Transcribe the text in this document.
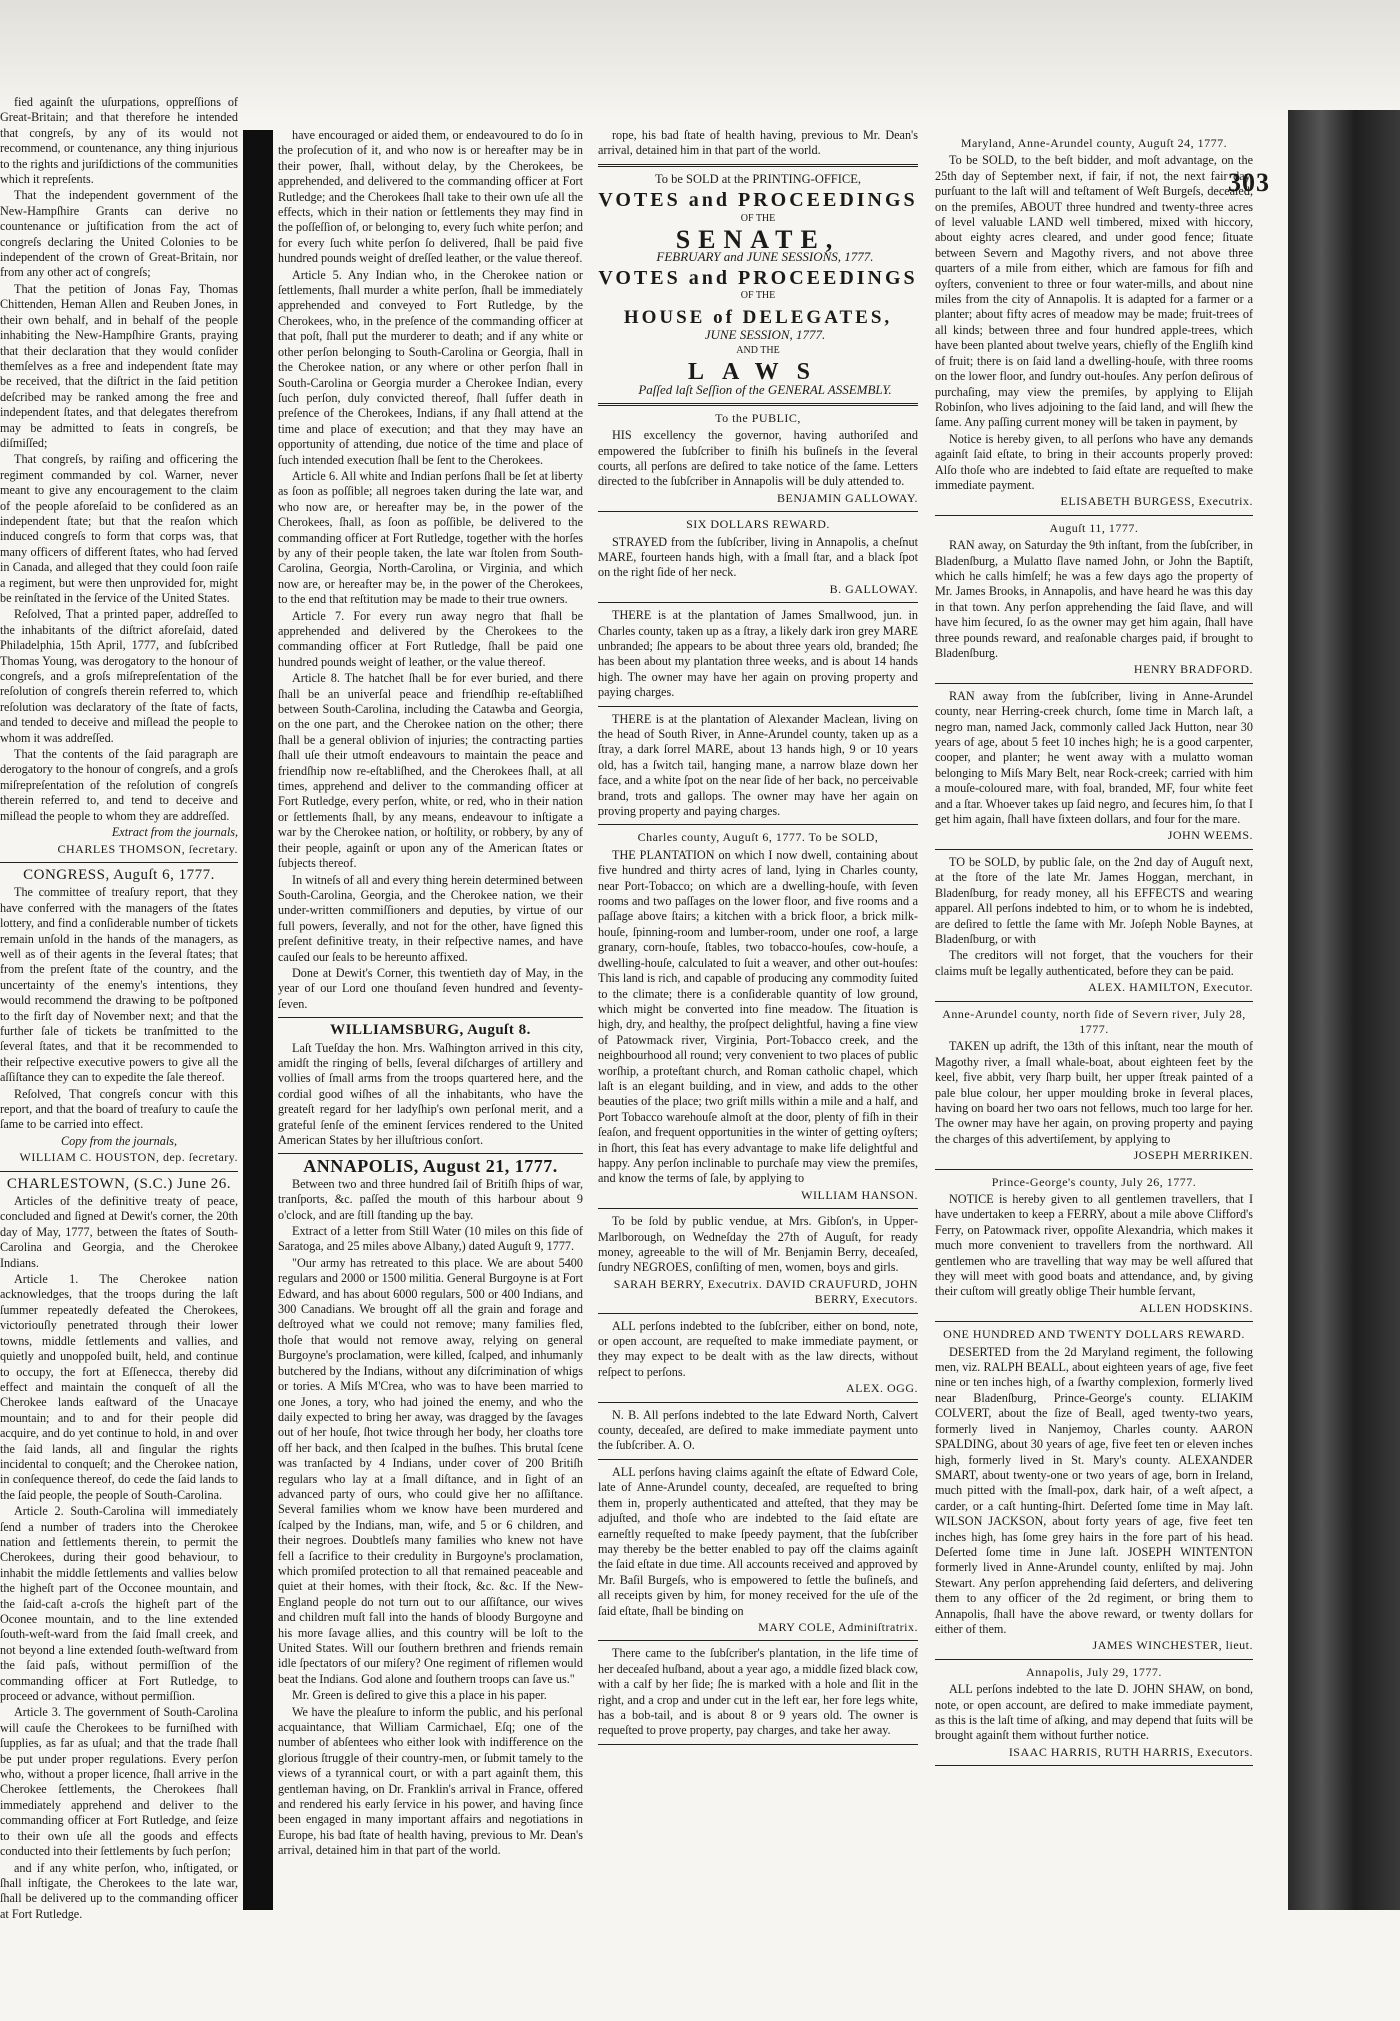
303

fied againſt the uſurpations, oppreſſions of Great-Britain; and that therefore he intended that congreſs, by any of its would not recommend, or countenance, any thing injurious to the rights and juriſdictions of the communities which it repreſents.

That the independent government of the New-Hampſhire Grants can derive no countenance or juſtification from the act of congreſs declaring the United Colonies to be independent of the crown of Great-Britain, nor from any other act of congreſs;

That the petition of Jonas Fay, Thomas Chittenden, Heman Allen and Reuben Jones, in their own behalf, and in behalf of the people inhabiting the New-Hampſhire Grants, praying that their declaration that they would conſider themſelves as a free and independent ſtate may be received, that the diſtrict in the ſaid petition deſcribed may be ranked among the free and independent ſtates, and that delegates therefrom may be admitted to ſeats in congreſs, be diſmiſſed;

That congreſs, by raiſing and officering the regiment commanded by col. Warner, never meant to give any encouragement to the claim of the people aforeſaid to be conſidered as an independent ſtate; but that the reaſon which induced congreſs to form that corps was, that many officers of different ſtates, who had ſerved in Canada, and alleged that they could ſoon raiſe a regiment, but were then unprovided for, might be reinſtated in the ſervice of the United States.

Reſolved, That a printed paper, addreſſed to the inhabitants of the diſtrict aforeſaid, dated Philadelphia, 15th April, 1777, and ſubſcribed Thomas Young, was derogatory to the honour of congreſs, and a groſs miſrepreſentation of the reſolution of congreſs therein referred to, which reſolution was declaratory of the ſtate of facts, and tended to deceive and miſlead the people to whom it was addreſſed.

That the contents of the ſaid paragraph are derogatory to the honour of congreſs, and a groſs miſrepreſentation of the reſolution of congreſs therein referred to, and tend to deceive and miſlead the people to whom they are addreſſed.

Extract from the journals,

CHARLES THOMSON, ſecretary.

CONGRESS, Auguſt 6, 1777.

The committee of treaſury report, that they have conferred with the managers of the ſtates lottery, and find a conſiderable number of tickets remain unſold in the hands of the managers, as well as of their agents in the ſeveral ſtates; that from the preſent ſtate of the country, and the uncertainty of the enemy's intentions, they would recommend the drawing to be poſtponed to the firſt day of November next; and that the further ſale of tickets be tranſmitted to the ſeveral ſtates, and that it be recommended to their reſpective executive powers to give all the aſſiſtance they can to expedite the ſale thereof.

Reſolved, That congreſs concur with this report, and that the board of treaſury to cauſe the ſame to be carried into effect.

Copy from the journals,

WILLIAM C. HOUSTON, dep. ſecretary.

CHARLESTOWN, (S.C.) June 26.

Articles of the definitive treaty of peace, concluded and ſigned at Dewit's corner, the 20th day of May, 1777, between the ſtates of South-Carolina and Georgia, and the Cherokee Indians.

Article 1. The Cherokee nation acknowledges, that the troops during the laſt ſummer repeatedly defeated the Cherokees, victoriouſly penetrated through their lower towns, middle ſettlements and vallies, and quietly and unoppoſed built, held, and continue to occupy, the fort at Eſſenecca, thereby did effect and maintain the conqueſt of all the Cherokee lands eaſtward of the Unacaye mountain; and to and for their people did acquire, and do yet continue to hold, in and over the ſaid lands, all and ſingular the rights incidental to conqueſt; and the Cherokee nation, in conſequence thereof, do cede the ſaid lands to the ſaid people, the people of South-Carolina.

Article 2. South-Carolina will immediately ſend a number of traders into the Cherokee nation and ſettlements therein, to permit the Cherokees, during their good behaviour, to inhabit the middle ſettlements and vallies below the higheſt part of the Occonee mountain, and the ſaid-caſt a-croſs the higheſt part of the Oconee mountain, and to the line extended ſouth-weſt-ward from the ſaid ſmall creek, and not beyond a line extended ſouth-weſtward from the ſaid paſs, without permiſſion of the commanding officer at Fort Rutledge, to proceed or advance, without permiſſion.

Article 3. The government of South-Carolina will cauſe the Cherokees to be furniſhed with ſupplies, as far as uſual; and that the trade ſhall be put under proper regulations. Every perſon who, without a proper licence, ſhall arrive in the Cherokee ſettlements, the Cherokees ſhall immediately apprehend and deliver to the commanding officer at Fort Rutledge, and ſeize to their own uſe all the goods and effects conducted into their ſettlements by ſuch perſon;

and if any white perſon, who, inſtigated, or ſhall inſtigate, the Cherokees to the late war, ſhall be delivered up to the commanding officer at Fort Rutledge.

have encouraged or aided them, or endeavoured to do ſo in the proſecution of it, and who now is or hereafter may be in their power, ſhall, without delay, by the Cherokees, be apprehended, and delivered to the commanding officer at Fort Rutledge; and the Cherokees ſhall take to their own uſe all the effects, which in their nation or ſettlements they may find in the poſſeſſion of, or belonging to, every ſuch white perſon; and for every ſuch white perſon ſo delivered, ſhall be paid five hundred pounds weight of dreſſed leather, or the value thereof.

Article 5. Any Indian who, in the Cherokee nation or ſettlements, ſhall murder a white perſon, ſhall be immediately apprehended and conveyed to Fort Rutledge, by the Cherokees, who, in the preſence of the commanding officer at that poſt, ſhall put the murderer to death; and if any white or other perſon belonging to South-Carolina or Georgia, ſhall in the Cherokee nation, or any where or other perſon ſhall in South-Carolina or Georgia murder a Cherokee Indian, every ſuch perſon, duly convicted thereof, ſhall ſuffer death in preſence of the Cherokees, Indians, if any ſhall attend at the time and place of execution; and that they may have an opportunity of attending, due notice of the time and place of ſuch intended execution ſhall be ſent to the Cherokees.

Article 6. All white and Indian perſons ſhall be ſet at liberty as ſoon as poſſible; all negroes taken during the late war, and who now are, or hereafter may be, in the power of the Cherokees, ſhall, as ſoon as poſſible, be delivered to the commanding officer at Fort Rutledge, together with the horſes by any of their people taken, the late war ſtolen from South-Carolina, Georgia, North-Carolina, or Virginia, and which now are, or hereafter may be, in the power of the Cherokees, to the end that reſtitution may be made to their true owners.

Article 7. For every run away negro that ſhall be apprehended and delivered by the Cherokees to the commanding officer at Fort Rutledge, ſhall be paid one hundred pounds weight of leather, or the value thereof.

Article 8. The hatchet ſhall be for ever buried, and there ſhall be an univerſal peace and friendſhip re-eſtabliſhed between South-Carolina, including the Catawba and Georgia, on the one part, and the Cherokee nation on the other; there ſhall be a general oblivion of injuries; the contracting parties ſhall uſe their utmoſt endeavours to maintain the peace and friendſhip now re-eſtabliſhed, and the Cherokees ſhall, at all times, apprehend and deliver to the commanding officer at Fort Rutledge, every perſon, white, or red, who in their nation or ſettlements ſhall, by any means, endeavour to inſtigate a war by the Cherokee nation, or hoſtility, or robbery, by any of their people, againſt or upon any of the American ſtates or ſubjects thereof.

In witneſs of all and every thing herein determined between South-Carolina, Georgia, and the Cherokee nation, we their under-written commiſſioners and deputies, by virtue of our full powers, ſeverally, and not for the other, have ſigned this preſent definitive treaty, in their reſpective names, and have cauſed our ſeals to be hereunto affixed.

Done at Dewit's Corner, this twentieth day of May, in the year of our Lord one thouſand ſeven hundred and ſeventy-ſeven.

WILLIAMSBURG, Auguſt 8.

Laſt Tueſday the hon. Mrs. Waſhington arrived in this city, amidſt the ringing of bells, ſeveral diſcharges of artillery and vollies of ſmall arms from the troops quartered here, and the cordial good wiſhes of all the inhabitants, who have the greateſt regard for her ladyſhip's own perſonal merit, and a grateful ſenſe of the eminent ſervices rendered to the United American States by her illuſtrious conſort.

ANNAPOLIS, August 21, 1777.

Between two and three hundred ſail of Britiſh ſhips of war, tranſports, &c. paſſed the mouth of this harbour about 9 o'clock, and are ſtill ſtanding up the bay.

Extract of a letter from Still Water (10 miles on this ſide of Saratoga, and 25 miles above Albany,) dated Auguſt 9, 1777.

"Our army has retreated to this place. We are about 5400 regulars and 2000 or 1500 militia. General Burgoyne is at Fort Edward, and has about 6000 regulars, 500 or 400 Indians, and 300 Canadians. We brought off all the grain and forage and deſtroyed what we could not remove; many families fled, thoſe that would not remove away, relying on general Burgoyne's proclamation, were killed, ſcalped, and inhumanly butchered by the Indians, without any diſcrimination of whigs or tories. A Miſs M'Crea, who was to have been married to one Jones, a tory, who had joined the enemy, and who the daily expected to bring her away, was dragged by the ſavages out of her houſe, ſhot twice through her body, her cloaths tore off her back, and then ſcalped in the buſhes. This brutal ſcene was tranſacted by 4 Indians, under cover of 200 Britiſh regulars who lay at a ſmall diſtance, and in ſight of an advanced party of ours, who could give her no aſſiſtance. Several families whom we know have been murdered and ſcalped by the Indians, man, wife, and 5 or 6 children, and their negroes. Doubtleſs many families who knew not have fell a ſacrifice to their credulity in Burgoyne's proclamation, which promiſed protection to all that remained peaceable and quiet at their homes, with their ſtock, &c. &c. If the New-England people do not turn out to our aſſiſtance, our wives and children muſt fall into the hands of bloody Burgoyne and his more ſavage allies, and this country will be loſt to the United States. Will our ſouthern brethren and friends remain idle ſpectators of our miſery? One regiment of riflemen would beat the Indians. God alone and ſouthern troops can ſave us."

Mr. Green is deſired to give this a place in his paper.

We have the pleaſure to inform the public, and his perſonal acquaintance, that William Carmichael, Eſq; one of the number of abſentees who either look with indifference on the glorious ſtruggle of their country-men, or ſubmit tamely to the views of a tyrannical court, or with a part againſt them, this gentleman having, on Dr. Franklin's arrival in France, offered and rendered his early ſervice in his power, and having ſince been engaged in many important affairs and negotiations in Europe, his bad ſtate of health having, previous to Mr. Dean's arrival, detained him in that part of the world.

rope, his bad ſtate of health having, previous to Mr. Dean's arrival, detained him in that part of the world.

To be SOLD at the PRINTING-OFFICE,

VOTES and PROCEEDINGS

OF THE

SENATE,

FEBRUARY and JUNE SESSIONS, 1777.

VOTES and PROCEEDINGS

OF THE

HOUSE of DELEGATES,

JUNE SESSION, 1777.

AND THE

LAWS

Paſſed laſt Seſſion of the GENERAL ASSEMBLY.

To the PUBLIC,

HIS excellency the governor, having authoriſed and empowered the ſubſcriber to finiſh his buſineſs in the ſeveral courts, all perſons are deſired to take notice of the ſame. Letters directed to the ſubſcriber in Annapolis will be duly attended to.

BENJAMIN GALLOWAY.

SIX DOLLARS REWARD.

STRAYED from the ſubſcriber, living in Annapolis, a cheſnut MARE, fourteen hands high, with a ſmall ſtar, and a black ſpot on the right ſide of her neck.

B. GALLOWAY.

THERE is at the plantation of James Smallwood, jun. in Charles county, taken up as a ſtray, a likely dark iron grey MARE unbranded; ſhe appears to be about three years old, branded; ſhe has been about my plantation three weeks, and is about 14 hands high. The owner may have her again on proving property and paying charges.

THERE is at the plantation of Alexander Maclean, living on the head of South River, in Anne-Arundel county, taken up as a ſtray, a dark ſorrel MARE, about 13 hands high, 9 or 10 years old, has a ſwitch tail, hanging mane, a narrow blaze down her face, and a white ſpot on the near ſide of her back, no perceivable brand, trots and gallops. The owner may have her again on proving property and paying charges.

Charles county, Auguſt 6, 1777. To be SOLD,

THE PLANTATION on which I now dwell, containing about five hundred and thirty acres of land, lying in Charles county, near Port-Tobacco; on which are a dwelling-houſe, with ſeven rooms and two paſſages on the lower floor, and five rooms and a paſſage above ſtairs; a kitchen with a brick floor, a brick milk-houſe, ſpinning-room and lumber-room, under one roof, a large granary, corn-houſe, ſtables, two tobacco-houſes, cow-houſe, a dwelling-houſe, calculated to ſuit a weaver, and other out-houſes: This land is rich, and capable of producing any commodity ſuited to the climate; there is a conſiderable quantity of low ground, which might be converted into fine meadow. The ſituation is high, dry, and healthy, the proſpect delightful, having a fine view of Patowmack river, Virginia, Port-Tobacco creek, and the neighbourhood all round; very convenient to two places of public worſhip, a proteſtant church, and Roman catholic chapel, which laſt is an elegant building, and in view, and adds to the other beauties of the place; two griſt mills within a mile and a half, and Port Tobacco warehouſe almoſt at the door, plenty of fiſh in their ſeaſon, and frequent opportunities in the winter of getting oyſters; in ſhort, this ſeat has every advantage to make life delightful and happy. Any perſon inclinable to purchaſe may view the premiſes, and know the terms of ſale, by applying to

WILLIAM HANSON.

To be ſold by public vendue, at Mrs. Gibſon's, in Upper-Marlborough, on Wedneſday the 27th of Auguſt, for ready money, agreeable to the will of Mr. Benjamin Berry, deceaſed, ſundry NEGROES, conſiſting of men, women, boys and girls.

SARAH BERRY, Executrix. DAVID CRAUFURD, JOHN BERRY, Executors.

ALL perſons indebted to the ſubſcriber, either on bond, note, or open account, are requeſted to make immediate payment, or they may expect to be dealt with as the law directs, without reſpect to perſons.

ALEX. OGG.

N. B. All perſons indebted to the late Edward North, Calvert county, deceaſed, are deſired to make immediate payment unto the ſubſcriber. A. O.

ALL perſons having claims againſt the eſtate of Edward Cole, late of Anne-Arundel county, deceaſed, are requeſted to bring them in, properly authenticated and atteſted, that they may be adjuſted, and thoſe who are indebted to the ſaid eſtate are earneſtly requeſted to make ſpeedy payment, that the ſubſcriber may thereby be the better enabled to pay off the claims againſt the ſaid eſtate in due time. All accounts received and approved by Mr. Baſil Burgeſs, who is empowered to ſettle the buſineſs, and all receipts given by him, for money received for the uſe of the ſaid eſtate, ſhall be binding on

MARY COLE, Adminiſtratrix.

There came to the ſubſcriber's plantation, in the life time of her deceaſed huſband, about a year ago, a middle ſized black cow, with a calf by her ſide; ſhe is marked with a hole and ſlit in the right, and a crop and under cut in the left ear, her fore legs white, has a bob-tail, and is about 8 or 9 years old. The owner is requeſted to prove property, pay charges, and take her away.

Maryland, Anne-Arundel county, Auguſt 24, 1777.

To be SOLD, to the beſt bidder, and moſt advantage, on the 25th day of September next, if fair, if not, the next fair day, purſuant to the laſt will and teſtament of Weſt Burgeſs, deceaſed, on the premiſes, ABOUT three hundred and twenty-three acres of level valuable LAND well timbered, mixed with hiccory, about eighty acres cleared, and under good fence; ſituate between Severn and Magothy rivers, and not above three quarters of a mile from either, which are famous for fiſh and oyſters, convenient to three or four water-mills, and about nine miles from the city of Annapolis. It is adapted for a farmer or a planter; about fifty acres of meadow may be made; fruit-trees of all kinds; between three and four hundred apple-trees, which have been planted about twelve years, chiefly of the Engliſh kind of fruit; there is on ſaid land a dwelling-houſe, with three rooms on the lower floor, and ſundry out-houſes. Any perſon deſirous of purchaſing, may view the premiſes, by applying to Elijah Robinſon, who lives adjoining to the ſaid land, and will ſhew the ſame. Any paſſing current money will be taken in payment, by

Notice is hereby given, to all perſons who have any demands againſt ſaid eſtate, to bring in their accounts properly proved: Alſo thoſe who are indebted to ſaid eſtate are requeſted to make immediate payment.

ELISABETH BURGESS, Executrix.

Auguſt 11, 1777.

RAN away, on Saturday the 9th inſtant, from the ſubſcriber, in Bladenſburg, a Mulatto ſlave named John, or John the Baptiſt, which he calls himſelf; he was a few days ago the property of Mr. James Brooks, in Annapolis, and have heard he was this day in that town. Any perſon apprehending the ſaid ſlave, and will have him ſecured, ſo as the owner may get him again, ſhall have three pounds reward, and reaſonable charges paid, if brought to Bladenſburg.

HENRY BRADFORD.

RAN away from the ſubſcriber, living in Anne-Arundel county, near Herring-creek church, ſome time in March laſt, a negro man, named Jack, commonly called Jack Hutton, near 30 years of age, about 5 feet 10 inches high; he is a good carpenter, cooper, and planter; he went away with a mulatto woman belonging to Miſs Mary Belt, near Rock-creek; carried with him a mouſe-coloured mare, with foal, branded, MF, four white feet and a ſtar. Whoever takes up ſaid negro, and ſecures him, ſo that I get him again, ſhall have ſixteen dollars, and four for the mare.

JOHN WEEMS.

TO be SOLD, by public ſale, on the 2nd day of Auguſt next, at the ſtore of the late Mr. James Hoggan, merchant, in Bladenſburg, for ready money, all his EFFECTS and wearing apparel. All perſons indebted to him, or to whom he is indebted, are deſired to ſettle the ſame with Mr. Joſeph Noble Baynes, at Bladenſburg, or with

The creditors will not forget, that the vouchers for their claims muſt be legally authenticated, before they can be paid.

ALEX. HAMILTON, Executor.

Anne-Arundel county, north ſide of Severn river, July 28, 1777.

TAKEN up adrift, the 13th of this inſtant, near the mouth of Magothy river, a ſmall whale-boat, about eighteen feet by the keel, five abbit, very ſharp built, her upper ſtreak painted of a pale blue colour, her upper moulding broke in ſeveral places, having on board her two oars not fellows, much too large for her. The owner may have her again, on proving property and paying the charges of this advertiſement, by applying to

JOSEPH MERRIKEN.

Prince-George's county, July 26, 1777.

NOTICE is hereby given to all gentlemen travellers, that I have undertaken to keep a FERRY, about a mile above Clifford's Ferry, on Patowmack river, oppoſite Alexandria, which makes it much more convenient to travellers from the northward. All gentlemen who are travelling that way may be well aſſured that they will meet with good boats and attendance, and, by giving their cuſtom will greatly oblige Their humble ſervant,

ALLEN HODSKINS.

ONE HUNDRED AND TWENTY DOLLARS REWARD.

DESERTED from the 2d Maryland regiment, the following men, viz. RALPH BEALL, about eighteen years of age, five feet nine or ten inches high, of a ſwarthy complexion, formerly lived near Bladenſburg, Prince-George's county. ELIAKIM COLVERT, about the ſize of Beall, aged twenty-two years, formerly lived in Nanjemoy, Charles county. AARON SPALDING, about 30 years of age, five feet ten or eleven inches high, formerly lived in St. Mary's county. ALEXANDER SMART, about twenty-one or two years of age, born in Ireland, much pitted with the ſmall-pox, dark hair, of a weſt aſpect, a carder, or a caſt hunting-ſhirt. Deſerted ſome time in May laſt. WILSON JACKSON, about forty years of age, five feet ten inches high, has ſome grey hairs in the fore part of his head. Deſerted ſome time in June laſt. JOSEPH WINTENTON formerly lived in Anne-Arundel county, enliſted by maj. John Stewart. Any perſon apprehending ſaid deſerters, and delivering them to any officer of the 2d regiment, or bring them to Annapolis, ſhall have the above reward, or twenty dollars for either of them.

JAMES WINCHESTER, lieut.

Annapolis, July 29, 1777.

ALL perſons indebted to the late D. JOHN SHAW, on bond, note, or open account, are deſired to make immediate payment, as this is the laſt time of aſking, and may depend that ſuits will be brought againſt them without further notice.

ISAAC HARRIS, RUTH HARRIS, Executors.
